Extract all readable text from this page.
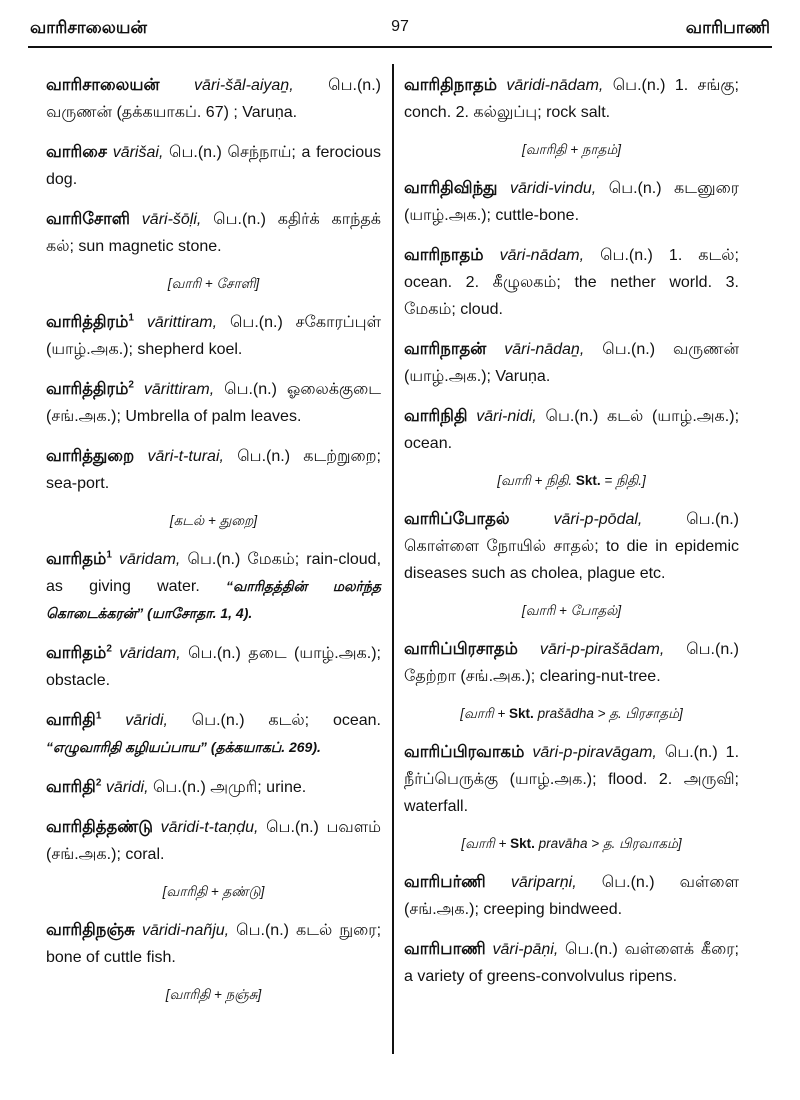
வாரிசாலையன்	97	வாரிபாணி
வாரிசாலையன் vāri-šāl-aiyaṉ, பெ.(n.) வருணன் (தக்கயாகப். 67) ; Varuṇa.
வாரிசை vārišai, பெ.(n.) செந்நாய்; a ferocious dog.
வாரிசோளி vāri-šōḷi, பெ.(n.) கதிர்க் காந்தக் கல்; sun magnetic stone.
[வாரி + சோளி]
வாரித்திரம்$^1$ vārittiram, பெ.(n.) சகோரப்புள் (யாழ்.அக.); shepherd koel.
வாரித்திரம்$^2$ vārittiram, பெ.(n.) ஓலைக்குடை (சங்.அக.); Umbrella of palm leaves.
வாரித்துறை vāri-t-turai, பெ.(n.) கடற்றுறை; sea-port.
[கடல் + துறை]
வாரிதம்$^1$ vāridam, பெ.(n.) மேகம்; rain-cloud, as giving water. “வாரிதத்தின் மலர்ந்த கொடைக்கரன்” (யாசோதா. 1, 4).
வாரிதம்$^2$ vāridam, பெ.(n.) தடை (யாழ்.அக.); obstacle.
வாரிதி$^1$ vāridi, பெ.(n.) கடல்; ocean. “எழுவாரிதி கழியப்பாய” (தக்கயாகப். 269).
வாரிதி$^2$ vāridi, பெ.(n.) அமுரி; urine.
வாரிதித்தண்டு vāridi-t-taṇḍu, பெ.(n.) பவளம் (சங்.அக.); coral.
[வாரிதி + தண்டு]
வாரிதிநஞ்சு vāridi-nañju, பெ.(n.) கடல் நுரை; bone of cuttle fish.
[வாரிதி + நஞ்சு]
வாரிதிநாதம் vāridi-nādam, பெ.(n.) 1. சங்கு; conch. 2. கல்லுப்பு; rock salt.
[வாரிதி + நாதம்]
வாரிதிவிந்து vāridi-vindu, பெ.(n.) கடனுரை (யாழ்.அக.); cuttle-bone.
வாரிநாதம் vāri-nādam, பெ.(n.) 1. கடல்; ocean. 2. கீழுலகம்; the nether world. 3. மேகம்; cloud.
வாரிநாதன் vāri-nādaṉ, பெ.(n.) வருணன் (யாழ்.அக.); Varuṇa.
வாரிநிதி vāri-nidi, பெ.(n.) கடல் (யாழ்.அக.); ocean.
[வாரி + நிதி. Skt. = நிதி.]
வாரிப்போதல்	vāri-p-pōdal,	பெ.(n.) கொள்ளை நோயில் சாதல்; to die in epidemic diseases such as cholea, plague etc.
[வாரி + போதல்]
வாரிப்பிரசாதம் vāri-p-pirašādam, பெ.(n.) தேற்றா (சங்.அக.); clearing-nut-tree.
[வாரி + Skt. prašādha > த. பிரசாதம்]
வாரிப்பிரவாகம் vāri-p-piravāgam, பெ.(n.) 1. நீர்ப்பெருக்கு (யாழ்.அக.); flood. 2. அருவி; waterfall.
[வாரி + Skt. pravāha > த. பிரவாகம்]
வாரிபர்ணி vāriparṇi, பெ.(n.) வள்ளை (சங்.அக.); creeping bindweed.
வாரிபாணி vāri-pāṇi, பெ.(n.) வள்ளைக் கீரை; a variety of greens-convolvulus ripens.
